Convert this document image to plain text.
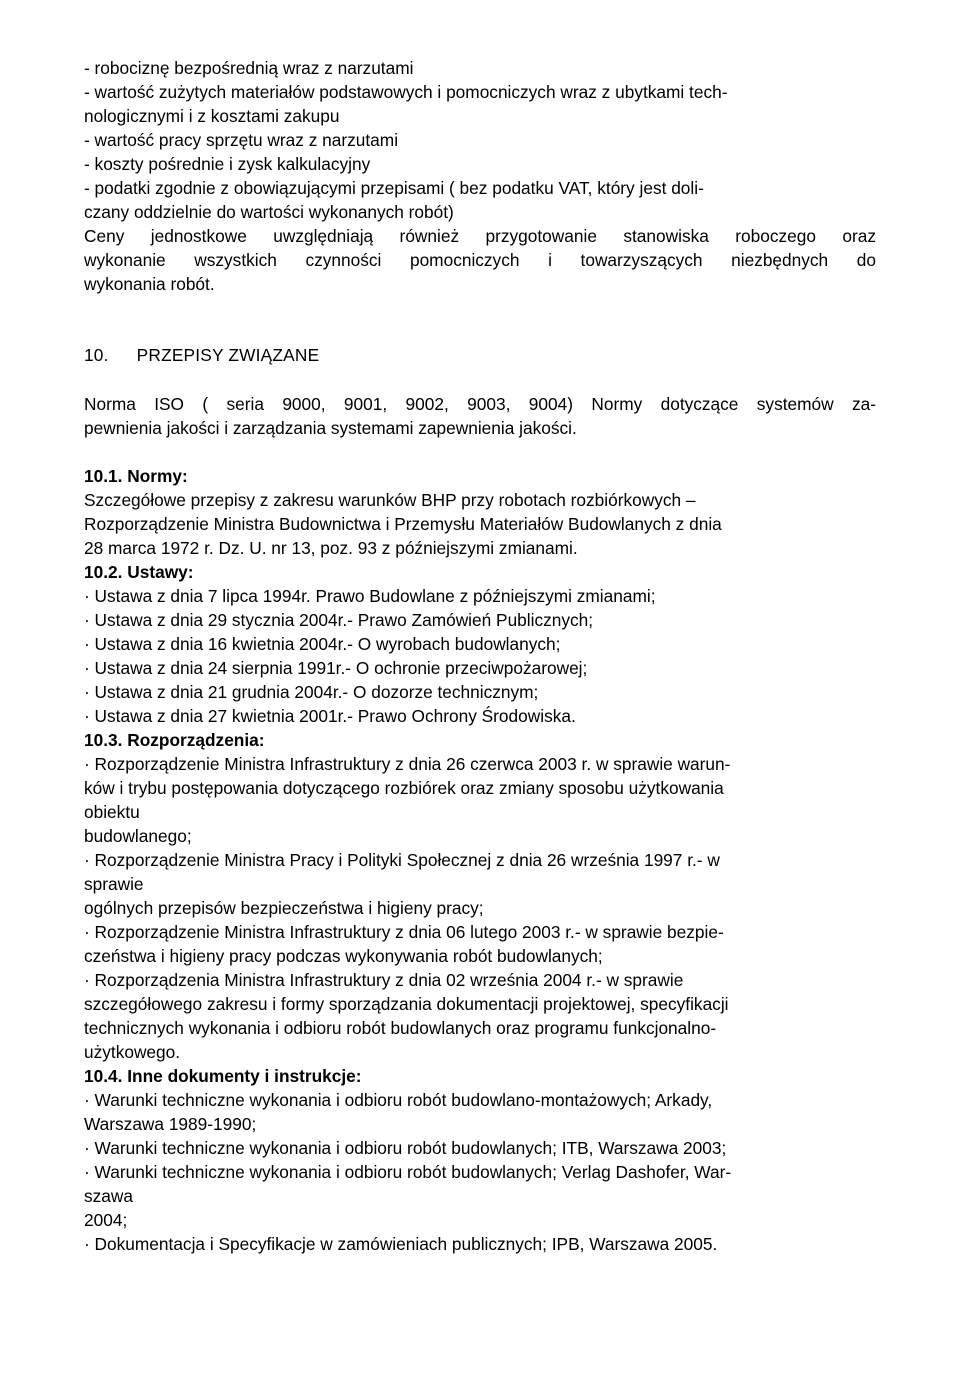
- robociznę bezpośrednią wraz z narzutami
- wartość zużytych materiałów podstawowych i pomocniczych wraz z ubytkami tech-
nologicznymi i z kosztami zakupu
- wartość pracy sprzętu wraz z narzutami
- koszty pośrednie i zysk kalkulacyjny
- podatki zgodnie z obowiązującymi przepisami ( bez podatku VAT, który jest doli-
czany oddzielnie do wartości wykonanych robót)
Ceny jednostkowe uwzględniają również przygotowanie stanowiska roboczego oraz
wykonanie wszystkich czynności pomocniczych i towarzyszących niezbędnych do
wykonania robót.
10. PRZEPISY ZWIĄZANE
Norma ISO ( seria 9000, 9001, 9002, 9003, 9004) Normy dotyczące systemów za-
pewnienia jakości i zarządzania systemami zapewnienia jakości.
10.1. Normy:
Szczegółowe przepisy z zakresu warunków BHP przy robotach rozbiórkowych –
Rozporządzenie Ministra Budownictwa i Przemysłu Materiałów Budowlanych z dnia
28 marca 1972 r. Dz. U. nr 13, poz. 93 z późniejszymi zmianami.
10.2. Ustawy:
· Ustawa z dnia 7 lipca 1994r. Prawo Budowlane z późniejszymi zmianami;
· Ustawa z dnia 29 stycznia 2004r.- Prawo Zamówień Publicznych;
· Ustawa z dnia 16 kwietnia 2004r.- O wyrobach budowlanych;
· Ustawa z dnia 24 sierpnia 1991r.- O ochronie przeciwpożarowej;
· Ustawa z dnia 21 grudnia 2004r.- O dozorze technicznym;
· Ustawa z dnia 27 kwietnia 2001r.- Prawo Ochrony Środowiska.
10.3. Rozporządzenia:
· Rozporządzenie Ministra Infrastruktury z dnia 26 czerwca 2003 r. w sprawie warun-
ków i trybu postępowania dotyczącego rozbiórek oraz zmiany sposobu użytkowania
obiektu
budowlanego;
· Rozporządzenie Ministra Pracy i Polityki Społecznej z dnia 26 września 1997 r.- w
sprawie
ogólnych przepisów bezpieczeństwa i higieny pracy;
· Rozporządzenie Ministra Infrastruktury z dnia 06 lutego 2003 r.- w sprawie bezpie-
czeństwa i higieny pracy podczas wykonywania robót budowlanych;
· Rozporządzenia Ministra Infrastruktury z dnia 02 września 2004 r.- w sprawie
szczegółowego zakresu i formy sporządzania dokumentacji projektowej, specyfikacji
technicznych wykonania i odbioru robót budowlanych oraz programu funkcjonalno-
użytkowego.
10.4. Inne dokumenty i instrukcje:
· Warunki techniczne wykonania i odbioru robót budowlano-montażowych; Arkady,
Warszawa 1989-1990;
· Warunki techniczne wykonania i odbioru robót budowlanych; ITB, Warszawa 2003;
· Warunki techniczne wykonania i odbioru robót budowlanych; Verlag Dashofer, War-
szawa
2004;
· Dokumentacja i Specyfikacje w zamówieniach publicznych; IPB, Warszawa 2005.
